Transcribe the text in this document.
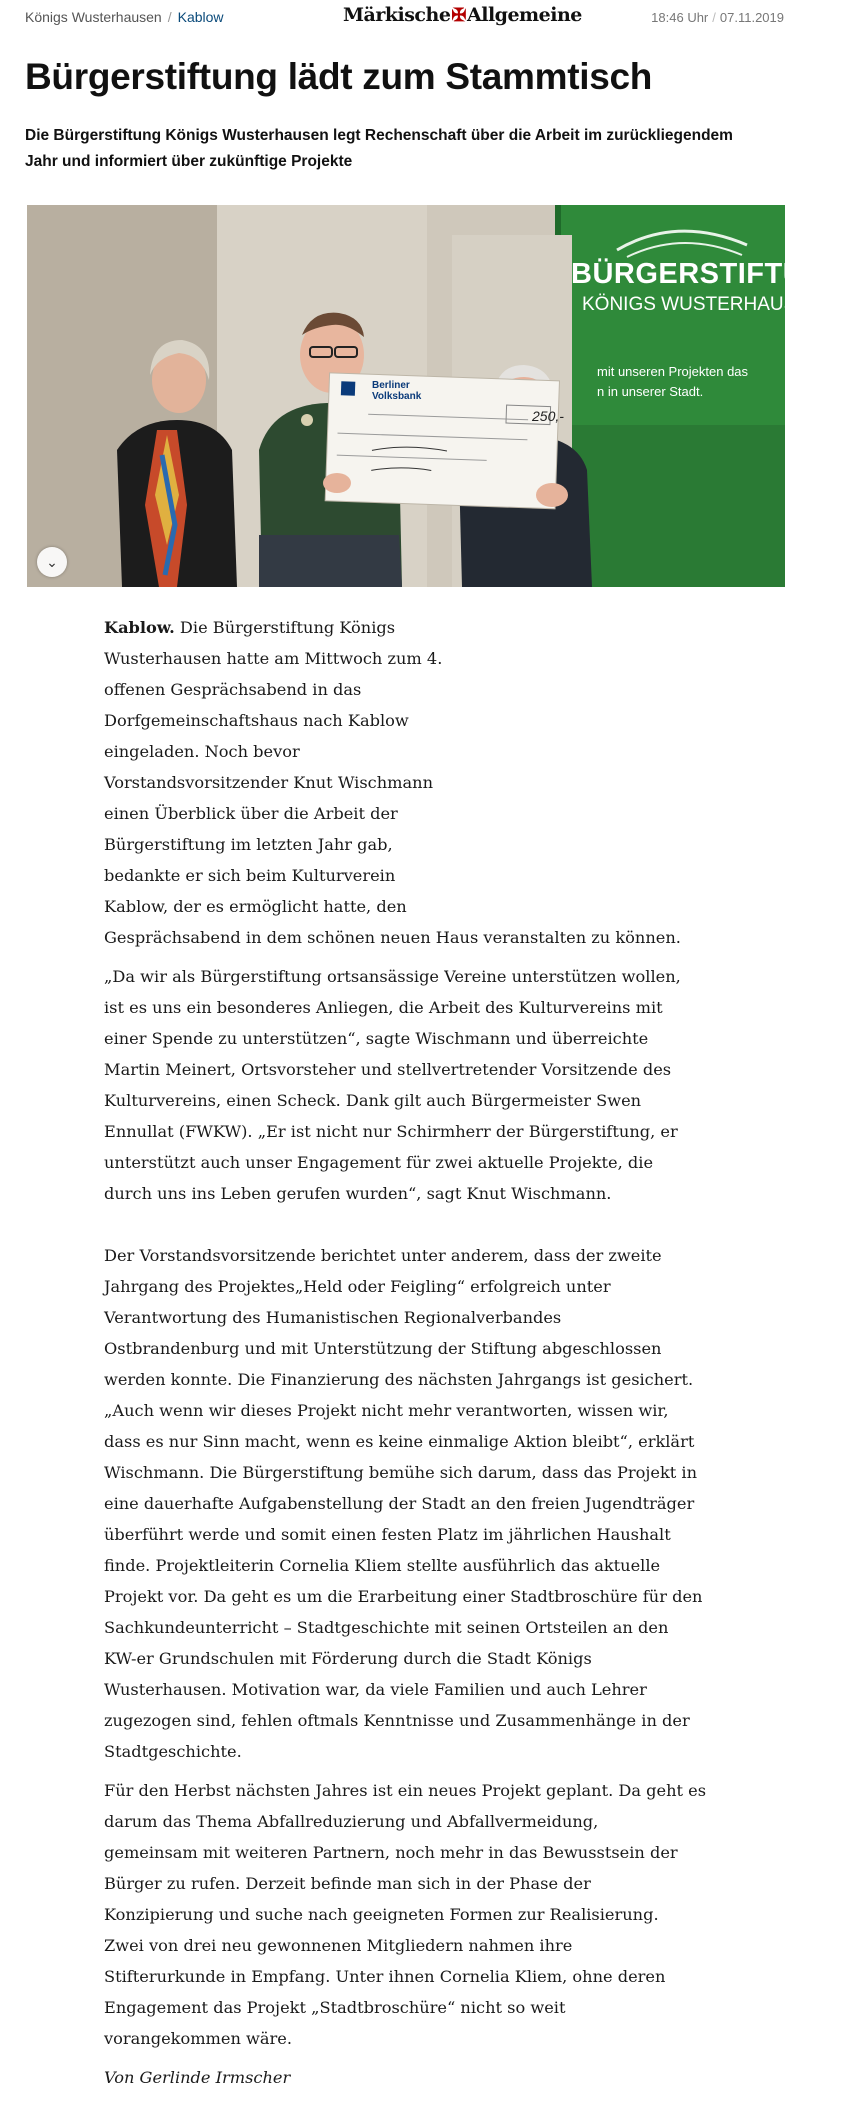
Königs Wusterhausen / Kablow	Märkische✠Allgemeine	18:46 Uhr / 07.11.2019
Bürgerstiftung lädt zum Stammtisch
Die Bürgerstiftung Königs Wusterhausen legt Rechenschaft über die Arbeit im zurückliegendem
Jahr und informiert über zukünftige Projekte
BÜRGERSTIFTUNG
KÖNIGS WUSTERHAUSEN
mit unseren Projekten das
n in unserer Stadt.
Berliner
Volksbank
250,-
⌄
Kablow. Die Bürgerstiftung Königs
Wusterhausen hatte am Mittwoch zum 4.
offenen Gesprächsabend in das
Dorfgemeinschaftshaus nach Kablow
eingeladen. Noch bevor
Vorstandsvorsitzender Knut Wischmann
einen Überblick über die Arbeit der
Bürgerstiftung im letzten Jahr gab,
bedankte er sich beim Kulturverein
Kablow, der es ermöglicht hatte, den
Gesprächsabend in dem schönen neuen Haus veranstalten zu können.
„Da wir als Bürgerstiftung ortsansässige Vereine unterstützen wollen,
ist es uns ein besonderes Anliegen, die Arbeit des Kulturvereins mit
einer Spende zu unterstützen“, sagte Wischmann und überreichte
Martin Meinert, Ortsvorsteher und stellvertretender Vorsitzende des
Kulturvereins, einen Scheck. Dank gilt auch Bürgermeister Swen
Ennullat (FWKW). „Er ist nicht nur Schirmherr der Bürgerstiftung, er
unterstützt auch unser Engagement für zwei aktuelle Projekte, die
durch uns ins Leben gerufen wurden“, sagt Knut Wischmann.
Der Vorstandsvorsitzende berichtet unter anderem, dass der zweite
Jahrgang des Projektes„Held oder Feigling“ erfolgreich unter
Verantwortung des Humanistischen Regionalverbandes
Ostbrandenburg und mit Unterstützung der Stiftung abgeschlossen
werden konnte. Die Finanzierung des nächsten Jahrgangs ist gesichert.
„Auch wenn wir dieses Projekt nicht mehr verantworten, wissen wir,
dass es nur Sinn macht, wenn es keine einmalige Aktion bleibt“, erklärt
Wischmann. Die Bürgerstiftung bemühe sich darum, dass das Projekt in
eine dauerhafte Aufgabenstellung der Stadt an den freien Jugendträger
überführt werde und somit einen festen Platz im jährlichen Haushalt
finde. Projektleiterin Cornelia Kliem stellte ausführlich das aktuelle
Projekt vor. Da geht es um die Erarbeitung einer Stadtbroschüre für den
Sachkundeunterricht – Stadtgeschichte mit seinen Ortsteilen an den
KW-er Grundschulen mit Förderung durch die Stadt Königs
Wusterhausen. Motivation war, da viele Familien und auch Lehrer
zugezogen sind, fehlen oftmals Kenntnisse und Zusammenhänge in der
Stadtgeschichte.
Für den Herbst nächsten Jahres ist ein neues Projekt geplant. Da geht es
darum das Thema Abfallreduzierung und Abfallvermeidung,
gemeinsam mit weiteren Partnern, noch mehr in das Bewusstsein der
Bürger zu rufen. Derzeit befinde man sich in der Phase der
Konzipierung und suche nach geeigneten Formen zur Realisierung.
Zwei von drei neu gewonnenen Mitgliedern nahmen ihre
Stifterurkunde in Empfang. Unter ihnen Cornelia Kliem, ohne deren
Engagement das Projekt „Stadtbroschüre“ nicht so weit
vorangekommen wäre.
Von Gerlinde Irmscher
